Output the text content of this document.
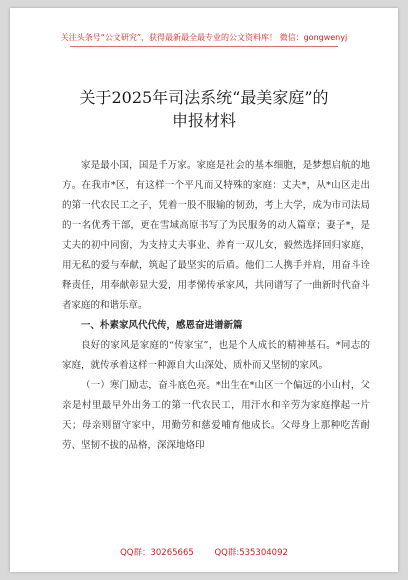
关注头条号“公文研究”，获得最新最全最专业的公文资料库！ 微信：gongwenyj
关于2025年司法系统“最美家庭”的
申报材料

家是最小国，国是千万家。家庭是社会的基本细胞，是梦想启航的地方。在我市*区，有这样一个平凡而又特殊的家庭：丈夫*，从*山区走出的第一代农民工之子，凭着一股不服输的韧劲，考上大学，成为市司法局的一名优秀干部，更在雪域高原书写了为民服务的动人篇章；妻子*，是丈夫的初中同窗，为支持丈夫事业、养育一双儿女，毅然选择回归家庭，用无私的爱与奉献，筑起了最坚实的后盾。他们二人携手并肩，用奋斗诠释责任，用奉献彰显大爱，用孝悌传承家风，共同谱写了一曲新时代奋斗者家庭的和谐乐章。

一、朴素家风代代传，感恩奋进谱新篇

良好的家风是家庭的“传家宝”，也是个人成长的精神基石。*同志的家庭，就传承着这样一种源自大山深处、质朴而又坚韧的家风。

（一）寒门励志，奋斗底色亮。*出生在*山区一个偏远的小山村，父亲是村里最早外出务工的第一代农民工，用汗水和辛劳为家庭撑起一片天；母亲则留守家中，用勤劳和慈爱哺育他成长。父母身上那种吃苦耐劳、坚韧不拔的品格，深深地烙印

QQ群：30265665 QQ群:535304092
